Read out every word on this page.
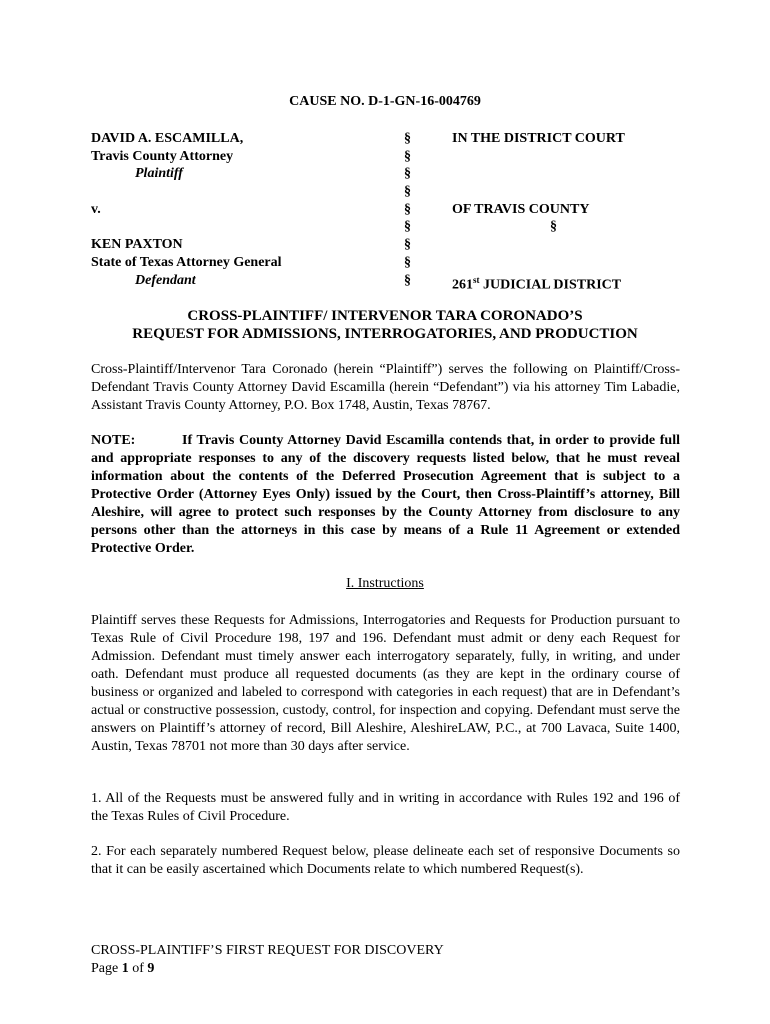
CAUSE NO. D-1-GN-16-004769
DAVID A. ESCAMILLA,
Travis County Attorney
Plaintiff
v.
KEN PAXTON
State of Texas Attorney General
Defendant
§
§
§
§
§
§
§
§
§
IN THE DISTRICT COURT
OF TRAVIS COUNTY
§
261st JUDICIAL DISTRICT
CROSS-PLAINTIFF/ INTERVENOR TARA CORONADO’S
REQUEST FOR ADMISSIONS, INTERROGATORIES, AND PRODUCTION
Cross-Plaintiff/Intervenor Tara Coronado (herein “Plaintiff”) serves the following on Plaintiff/Cross-Defendant Travis County Attorney David Escamilla (herein “Defendant”) via his attorney Tim Labadie, Assistant Travis County Attorney, P.O. Box 1748, Austin, Texas 78767.
NOTE:	If Travis County Attorney David Escamilla contends that, in order to provide full and appropriate responses to any of the discovery requests listed below, that he must reveal information about the contents of the Deferred Prosecution Agreement that is subject to a Protective Order (Attorney Eyes Only) issued by the Court, then Cross-Plaintiff’s attorney, Bill Aleshire, will agree to protect such responses by the County Attorney from disclosure to any persons other than the attorneys in this case by means of a Rule 11 Agreement or extended Protective Order.
I. Instructions
Plaintiff serves these Requests for Admissions, Interrogatories and Requests for Production pursuant to Texas Rule of Civil Procedure 198, 197 and 196. Defendant must admit or deny each Request for Admission. Defendant must timely answer each interrogatory separately, fully, in writing, and under oath. Defendant must produce all requested documents (as they are kept in the ordinary course of business or organized and labeled to correspond with categories in each request) that are in Defendant’s actual or constructive possession, custody, control, for inspection and copying. Defendant must serve the answers on Plaintiff’s attorney of record, Bill Aleshire, AleshireLAW, P.C., at 700 Lavaca, Suite 1400, Austin, Texas 78701 not more than 30 days after service.
1. All of the Requests must be answered fully and in writing in accordance with Rules 192 and 196 of the Texas Rules of Civil Procedure.
2. For each separately numbered Request below, please delineate each set of responsive Documents so that it can be easily ascertained which Documents relate to which numbered Request(s).
CROSS-PLAINTIFF’S FIRST REQUEST FOR DISCOVERY
Page 1 of 9
